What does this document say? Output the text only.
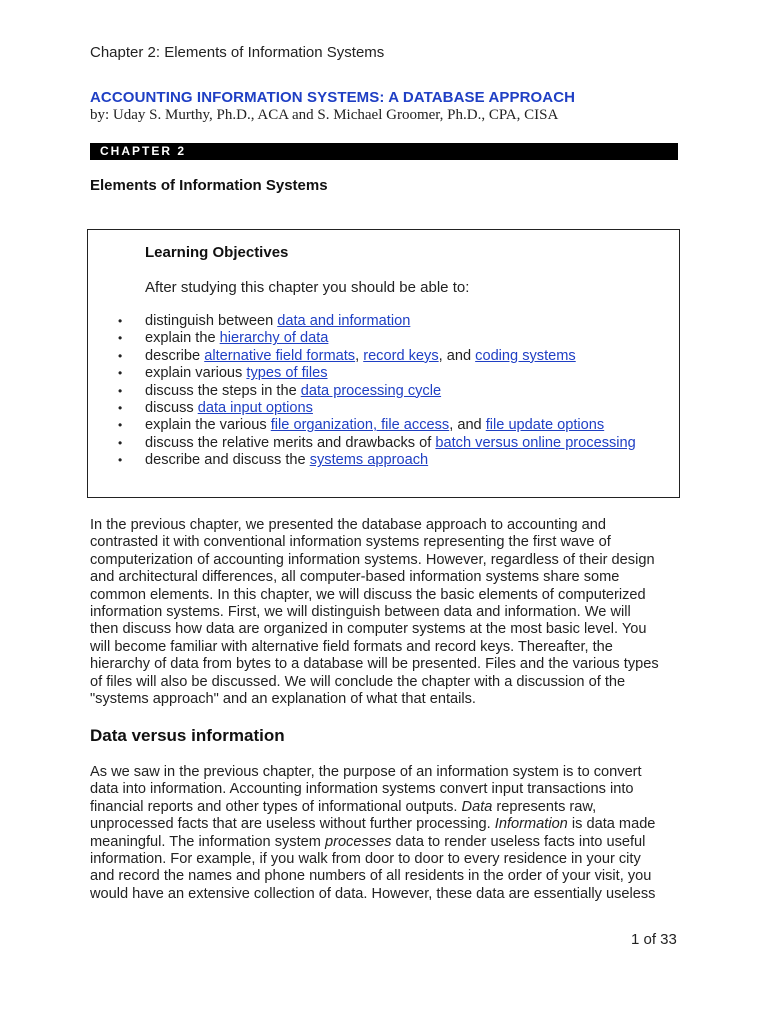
Chapter 2: Elements of Information Systems
ACCOUNTING INFORMATION SYSTEMS: A DATABASE APPROACH
by: Uday S. Murthy, Ph.D., ACA and S. Michael Groomer, Ph.D., CPA, CISA
CHAPTER 2
Elements of Information Systems
Learning Objectives
After studying this chapter you should be able to:
• distinguish between data and information
• explain the hierarchy of data
• describe alternative field formats, record keys, and coding systems
• explain various types of files
• discuss the steps in the data processing cycle
• discuss data input options
• explain the various file organization, file access, and file update options
• discuss the relative merits and drawbacks of batch versus online processing
• describe and discuss the systems approach

In the previous chapter, we presented the database approach to accounting and
contrasted it with conventional information systems representing the first wave of
computerization of accounting information systems. However, regardless of their design
and architectural differences, all computer-based information systems share some
common elements. In this chapter, we will discuss the basic elements of computerized
information systems. First, we will distinguish between data and information. We will
then discuss how data are organized in computer systems at the most basic level. You
will become familiar with alternative field formats and record keys. Thereafter, the
hierarchy of data from bytes to a database will be presented. Files and the various types
of files will also be discussed. We will conclude the chapter with a discussion of the
"systems approach" and an explanation of what that entails.

Data versus information

As we saw in the previous chapter, the purpose of an information system is to convert
data into information. Accounting information systems convert input transactions into
financial reports and other types of informational outputs. Data represents raw,
unprocessed facts that are useless without further processing. Information is data made
meaningful. The information system processes data to render useless facts into useful
information. For example, if you walk from door to door to every residence in your city
and record the names and phone numbers of all residents in the order of your visit, you
would have an extensive collection of data. However, these data are essentially useless

1 of 33
